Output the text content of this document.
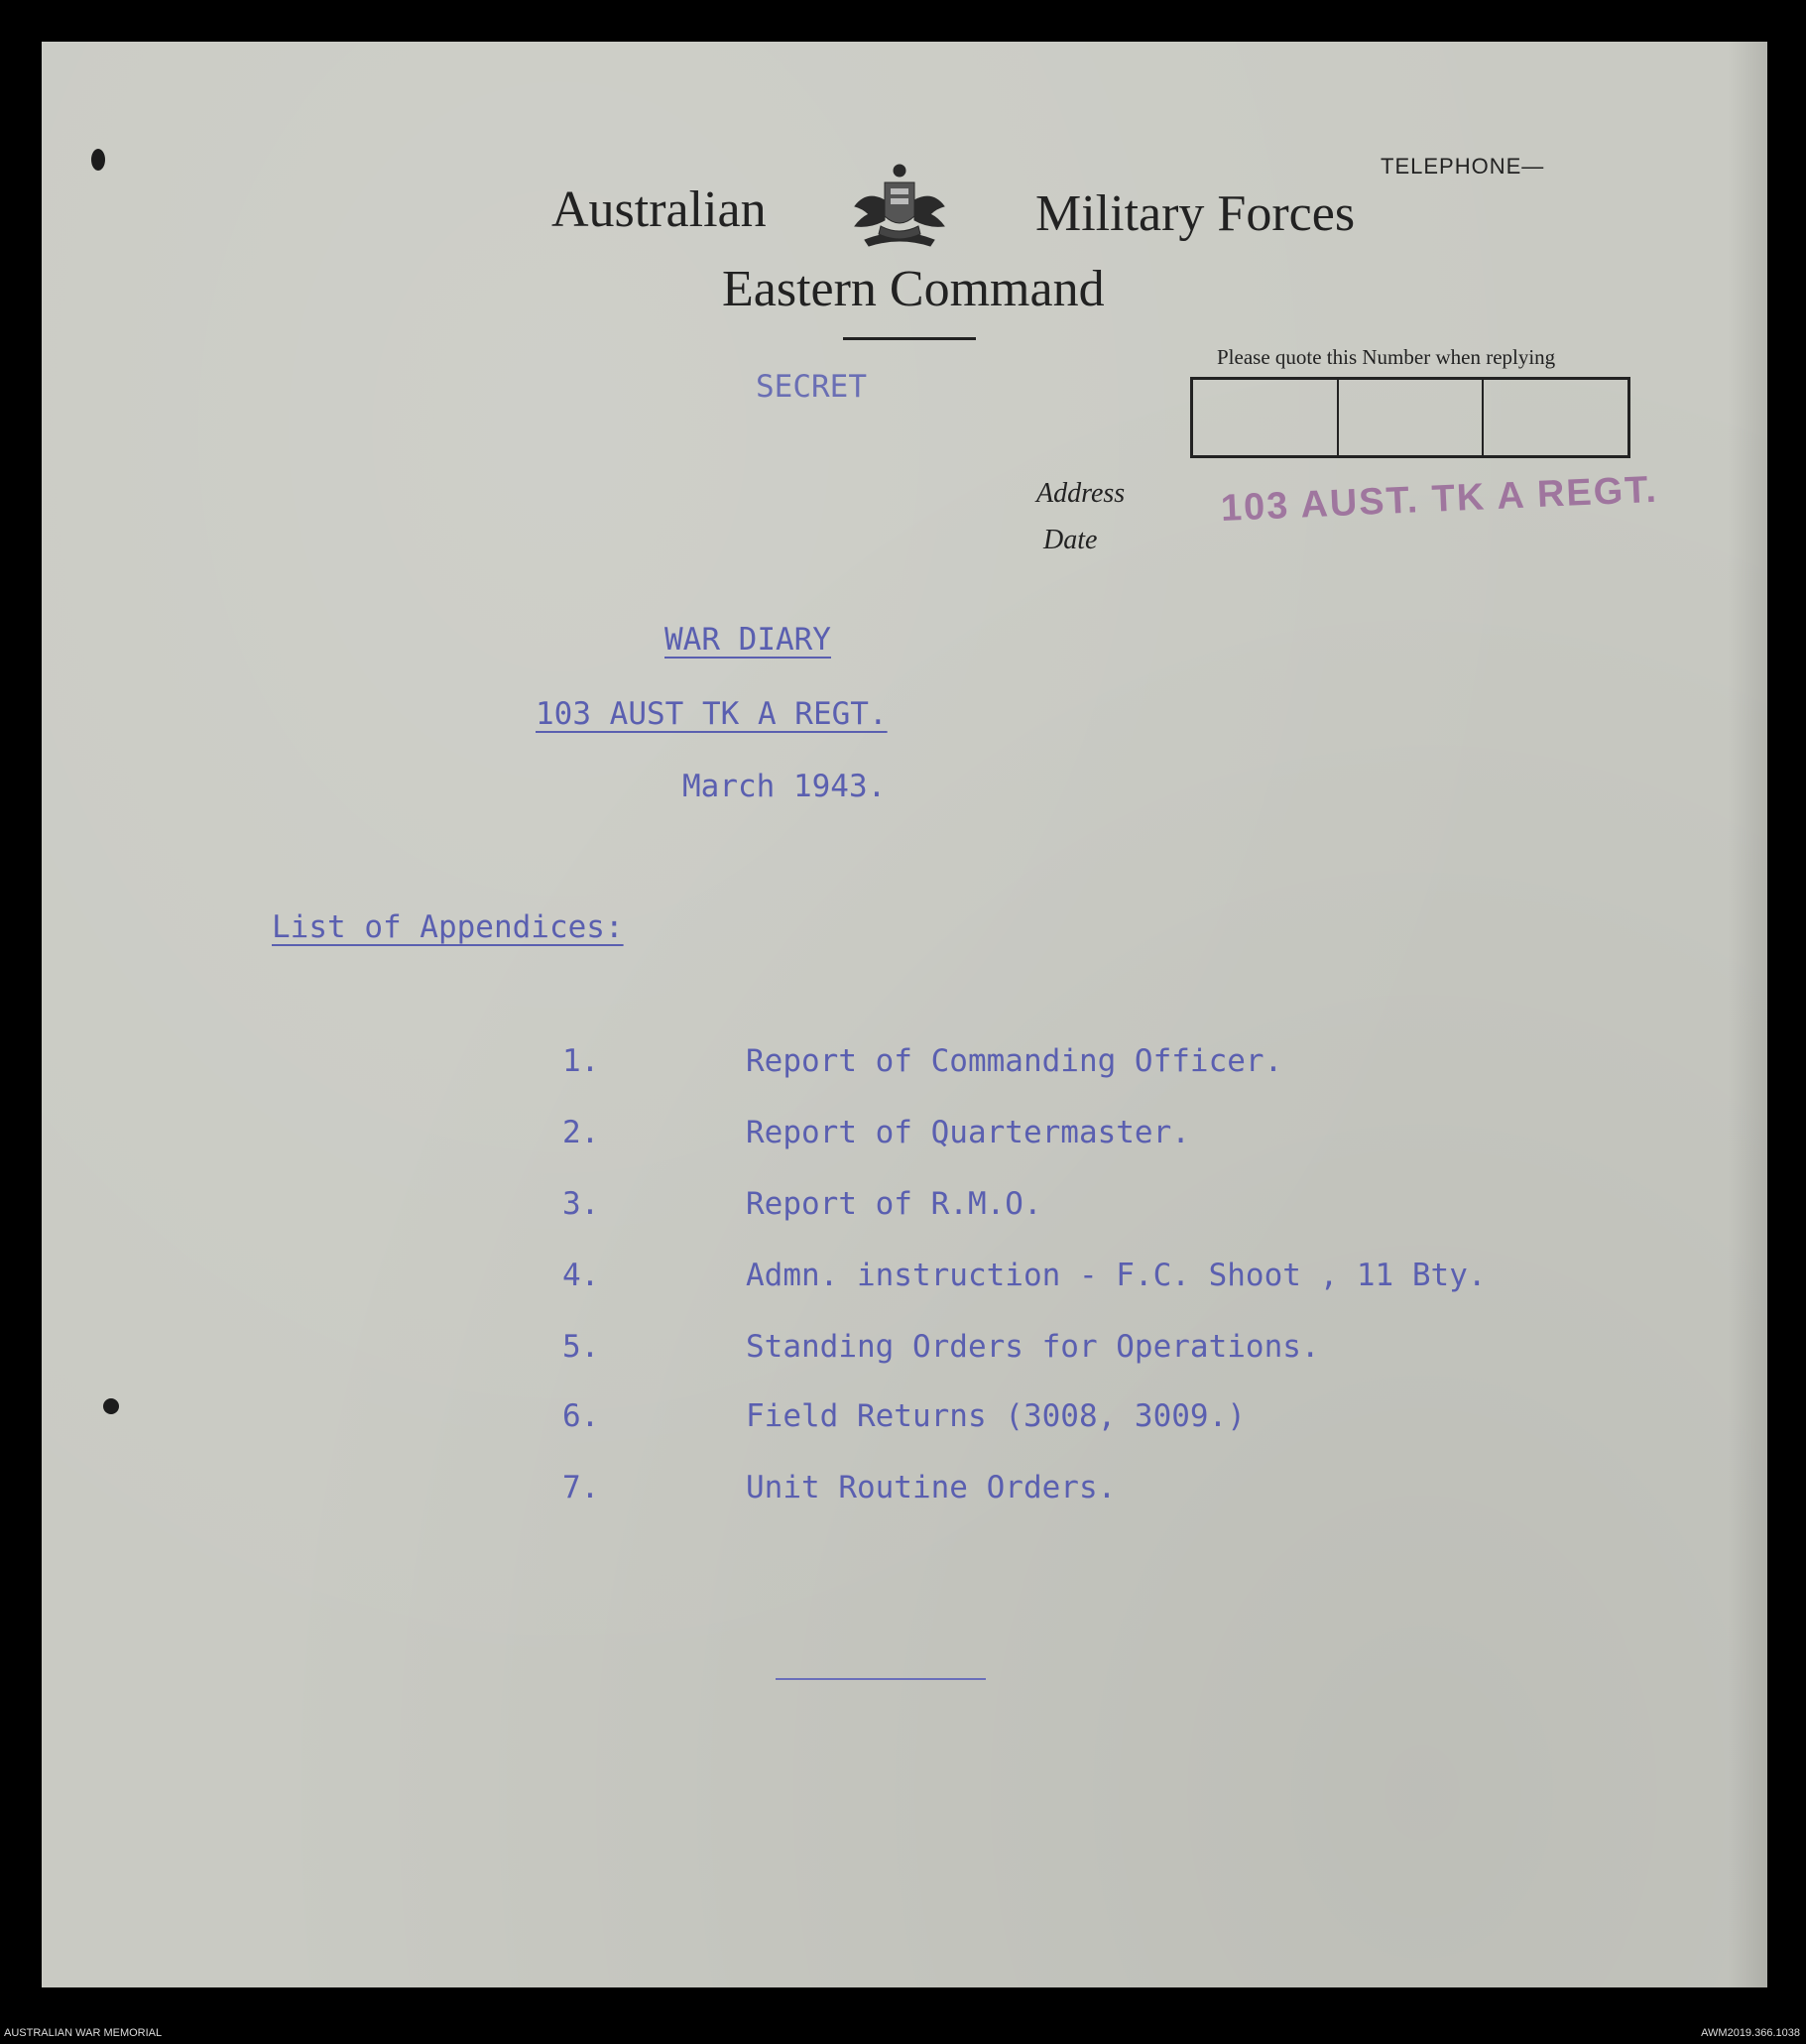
TELEPHONE—
Australian	Military Forces
Eastern Command
SECRET
Please quote this Number when replying
Address
Date
103 AUST. TK A REGT.
WAR DIARY
103 AUST TK A REGT.
March 1943.
List of Appendices:
1.	Report of Commanding Officer.
2.	Report of Quartermaster.
3.	Report of R.M.O.
4.	Admn. instruction - F.C. Shoot , 11 Bty.
5.	Standing Orders for Operations.
6.	Field Returns (3008, 3009.)
7.	Unit Routine Orders.
AUSTRALIAN WAR MEMORIAL	AWM2019.366.1038
